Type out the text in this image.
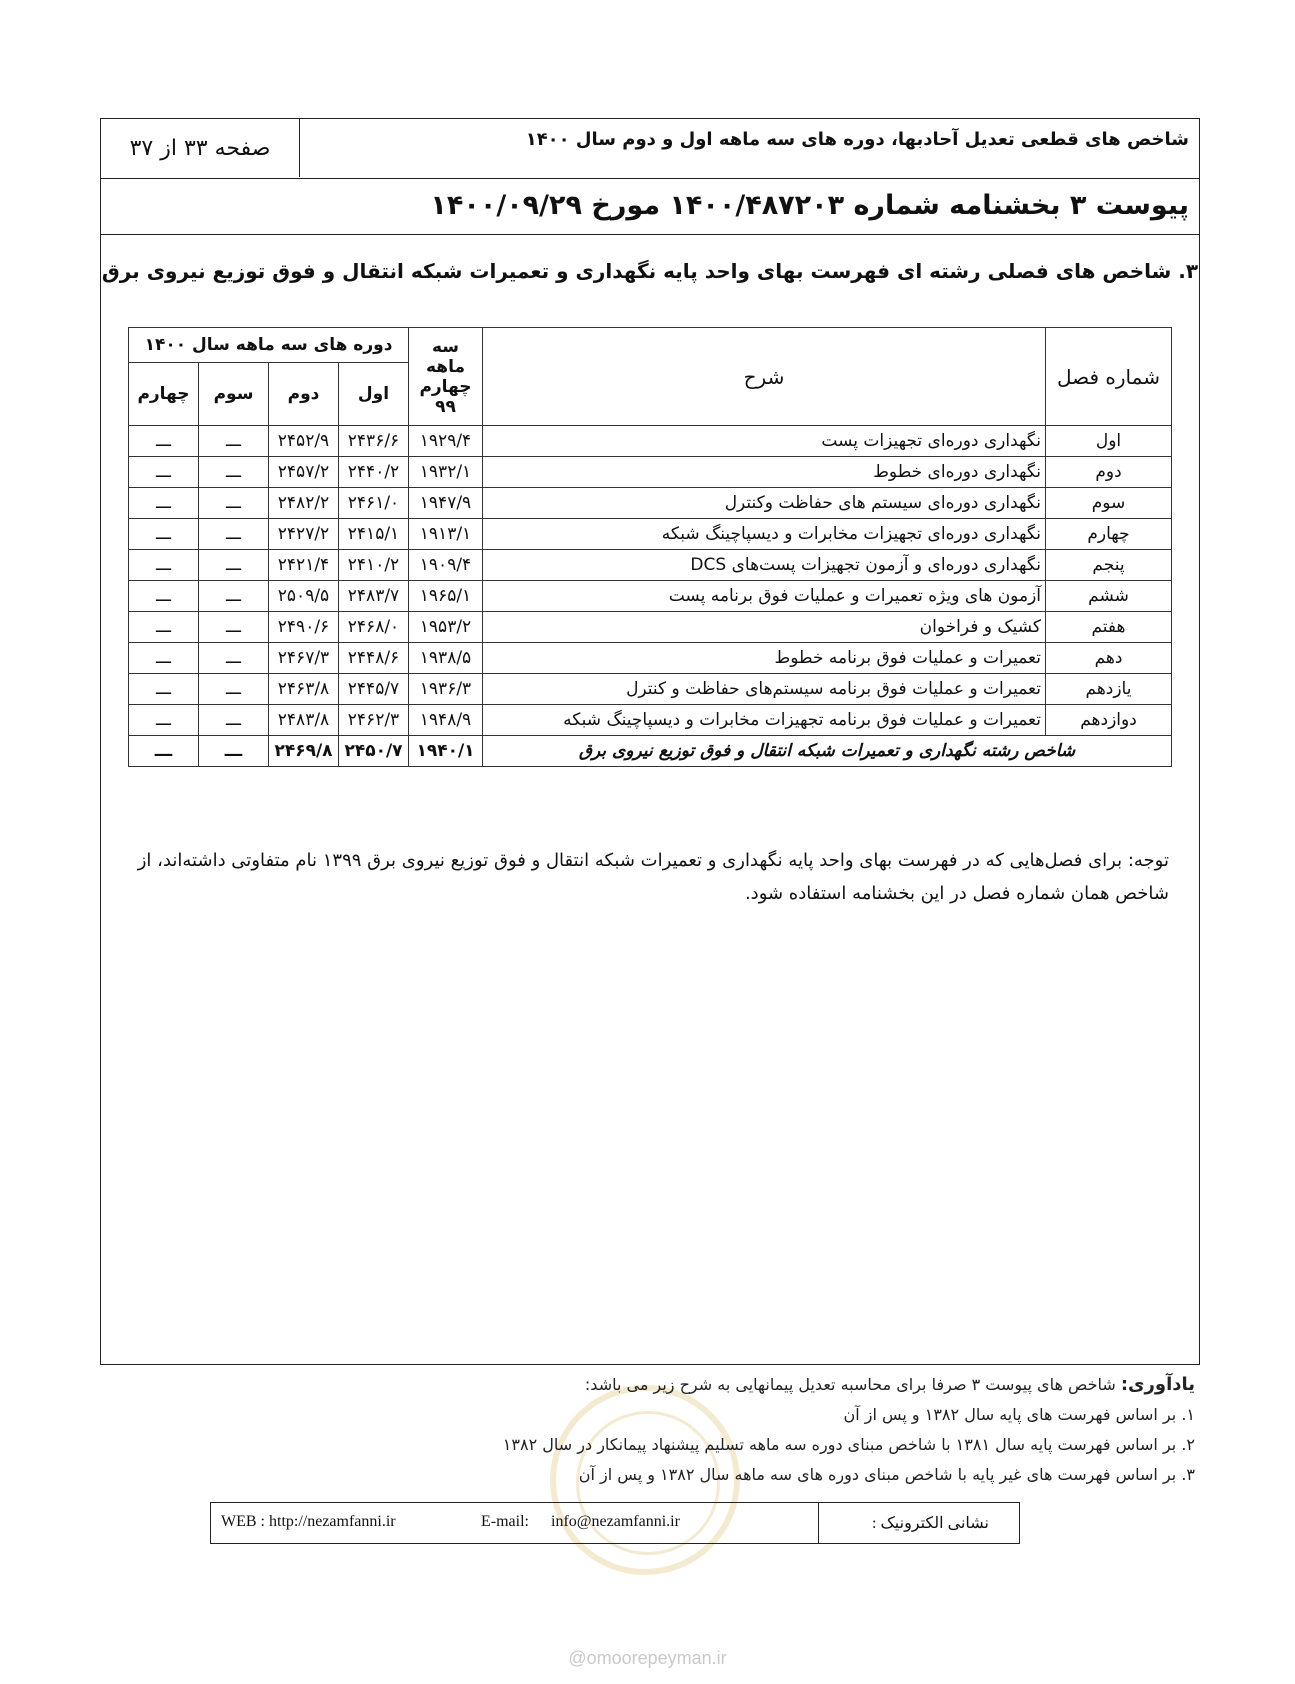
صفحه ۳۳ از ۳۷	شاخص های قطعی تعدیل آحادبها، دوره های سه ماهه اول و دوم سال ۱۴۰۰
پیوست ۳ بخشنامه شماره ۱۴۰۰/۴۸۷۲۰۳ مورخ ۱۴۰۰/۰۹/۲۹
۳. شاخص های فصلی رشته ای فهرست بهای واحد پایه نگهداری و تعمیرات شبکه انتقال و فوق توزیع نیروی برق
شماره فصل	شرح	سه ماهه چهارم ۹۹	دوره های سه ماهه سال ۱۴۰۰			
			اول	دوم	سوم	چهارم
اول	نگهداری دوره‌ای تجهیزات پست	۱۹۲۹/۴	۲۴۳۶/۶	۲۴۵۲/۹	ـــ	ـــ
دوم	نگهداری دوره‌ای خطوط	۱۹۳۲/۱	۲۴۴۰/۲	۲۴۵۷/۲	ـــ	ـــ
سوم	نگهداری دوره‌ای سیستم های حفاظت وکنترل	۱۹۴۷/۹	۲۴۶۱/۰	۲۴۸۲/۲	ـــ	ـــ
چهارم	نگهداری دوره‌ای تجهیزات مخابرات و دیسپاچینگ شبکه	۱۹۱۳/۱	۲۴۱۵/۱	۲۴۲۷/۲	ـــ	ـــ
پنجم	نگهداری دوره‌ای و آزمون تجهیزات پست‌های DCS	۱۹۰۹/۴	۲۴۱۰/۲	۲۴۲۱/۴	ـــ	ـــ
ششم	آزمون های ویژه تعمیرات و عملیات فوق برنامه پست	۱۹۶۵/۱	۲۴۸۳/۷	۲۵۰۹/۵	ـــ	ـــ
هفتم	کشیک و فراخوان	۱۹۵۳/۲	۲۴۶۸/۰	۲۴۹۰/۶	ـــ	ـــ
دهم	تعمیرات و عملیات فوق برنامه خطوط	۱۹۳۸/۵	۲۴۴۸/۶	۲۴۶۷/۳	ـــ	ـــ
یازدهم	تعمیرات و عملیات فوق برنامه سیستم‌های حفاظت و کنترل	۱۹۳۶/۳	۲۴۴۵/۷	۲۴۶۳/۸	ـــ	ـــ
دوازدهم	تعمیرات و عملیات فوق برنامه تجهیزات مخابرات و دیسپاچینگ شبکه	۱۹۴۸/۹	۲۴۶۲/۳	۲۴۸۳/۸	ـــ	ـــ
شاخص رشته نگهداری و تعمیرات شبکه انتقال و فوق توزیع نیروی برق		۱۹۴۰/۱	۲۴۵۰/۷	۲۴۶۹/۸	ـــ	ـــ
توجه: برای فصل‌هایی که در فهرست بهای واحد پایه نگهداری و تعمیرات شبکه انتقال و فوق توزیع نیروی برق ۱۳۹۹ نام متفاوتی داشته‌اند، از شاخص همان شماره فصل در این بخشنامه استفاده شود.
یادآوری: شاخص های پیوست ۳ صرفا برای محاسبه تعدیل پیمانهایی به شرح زیر می باشد:
۱. بر اساس فهرست های پایه سال ۱۳۸۲ و پس از آن
۲. بر اساس فهرست پایه سال ۱۳۸۱ با شاخص مبنای دوره سه ماهه تسلیم پیشنهاد پیمانکار در سال ۱۳۸۲
۳. بر اساس فهرست های غیر پایه با شاخص مبنای دوره های سه ماهه سال ۱۳۸۲ و پس از آن
نشانی الکترونیک :
E-mail: info@nezamfanni.ir
WEB : http://nezamfanni.ir
@omoorepeyman.ir
